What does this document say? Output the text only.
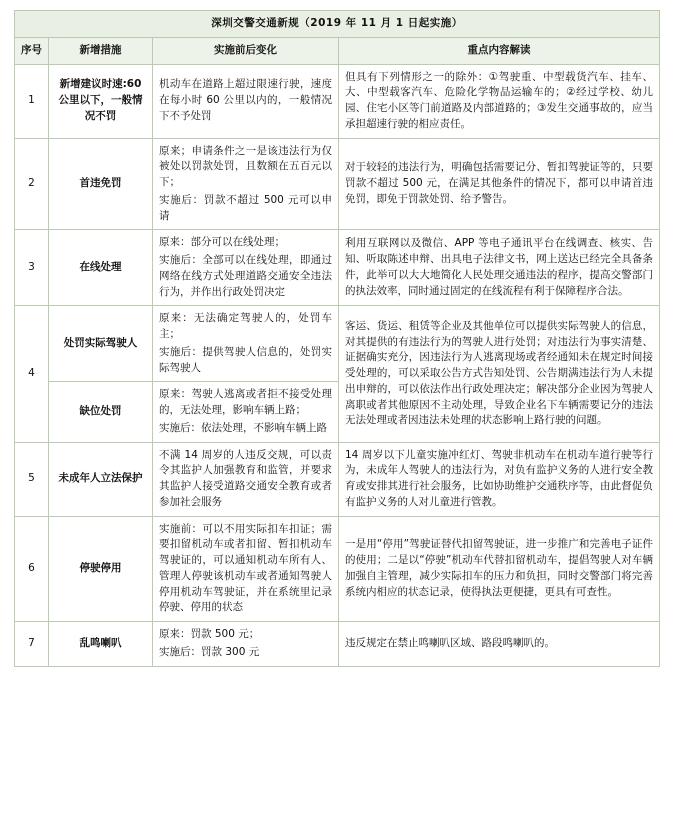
深圳交警交通新规（2019 年 11 月 1 日起实施）			
序号	新增措施	实施前后变化	重点内容解读
1	新增建议时速:60 公里以下，一般情况不罚	机动车在道路上超过限速行驶，速度在每小时 60 公里以内的，一般情况下不予处罚	但具有下列情形之一的除外：①驾驶重、中型载货汽车、挂车、大、中型载客汽车、危险化学物品运输车的；②经过学校、幼儿园、住宅小区等门前道路及内部道路的；③发生交通事故的，应当承担超速行驶的相应责任。
2	首违免罚	原来；申请条件之一是该违法行为仅被处以罚款处罚，且数额在五百元以下；
实施后：罚款不超过 500 元可以申请	对于较轻的违法行为，明确包括需要记分、暂扣驾驶证等的，只要罚款不超过 500 元，在满足其他条件的情况下，都可以申请首违免罚，即免于罚款处罚、给予警告。
3	在线处理	原来：部分可以在线处理；
实施后：全部可以在线处理，即通过网络在线方式处理道路交通安全违法行为，并作出行政处罚决定	利用互联网以及微信、APP 等电子通讯平台在线调查、核实、告知、听取陈述申辩、出具电子法律文书，网上送达已经完全具备条件，此举可以大大地简化人民处理交通违法的程序，提高交警部门的执法效率，同时通过固定的在线流程有利于保障程序合法。
4	处罚实际驾驶人	原来：无法确定驾驶人的，处罚车主；
实施后：提供驾驶人信息的，处罚实际驾驶人	客运、货运、租赁等企业及其他单位可以提供实际驾驶人的信息，对其提供的有违法行为的驾驶人进行处罚；对违法行为事实清楚、证据确实充分，因违法行为人逃离现场或者经通知未在规定时间接受处理的，可以采取公告方式告知处罚、公告期满违法行为人未提出申辩的，可以依法作出行政处理决定；解决部分企业因为驾驶人离职或者其他原因不主动处理，导致企业名下车辆需要记分的违法无法处理或者因违法未处理的状态影响上路行驶的问题。
	缺位处罚	原来：驾驶人逃离或者拒不接受处理的，无法处理，影响车辆上路；
实施后：依法处理，不影响车辆上路	

5	未成年人立法保护	不满 14 周岁的人违反交规，可以责令其监护人加强教育和监管，并要求其监护人接受道路交通安全教育或者参加社会服务	14 周岁以下儿童实施冲红灯、驾驶非机动车在机动车道行驶等行为，未成年人驾驶人的违法行为，对负有监护义务的人进行安全教育或安排其进行社会服务，比如协助维护交通秩序等，由此督促负有监护义务的人对儿童进行管教。
6	停驶停用	实施前：可以不用实际扣车扣证；需要扣留机动车或者扣留、暂扣机动车驾驶证的，可以通知机动车所有人、管理人停驶该机动车或者通知驾驶人停用机动车驾驶证，并在系统里记录停驶、停用的状态	一是用“停用”驾驶证替代扣留驾驶证，进一步推广和完善电子证件的使用；二是以“停驶”机动车代替扣留机动车，提倡驾驶人对车辆加强自主管理，减少实际扣车的压力和负担，同时交警部门将完善系统内相应的状态记录，使得执法更便捷，更具有可查性。
7	乱鸣喇叭	原来：罚款 500 元；
实施后：罚款 300 元	违反规定在禁止鸣喇叭区域、路段鸣喇叭的。
